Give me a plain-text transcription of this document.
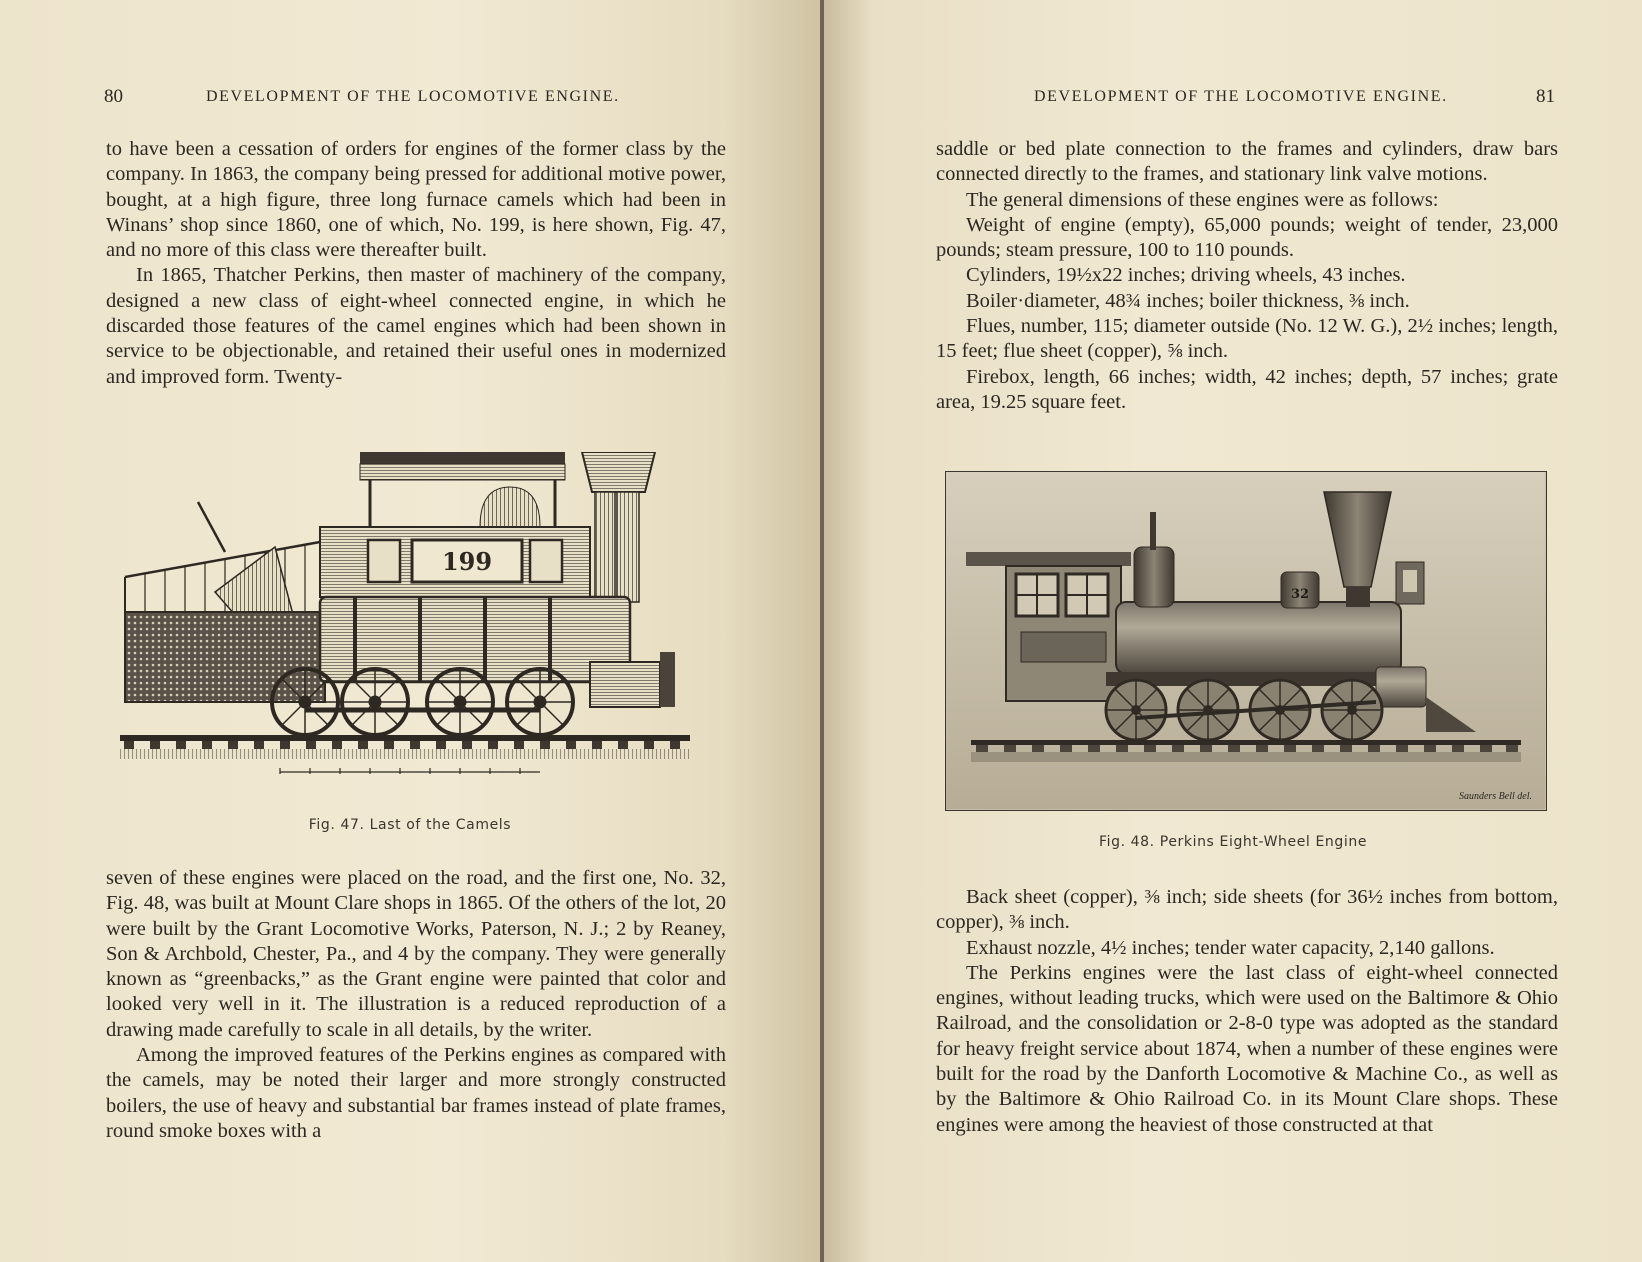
80	DEVELOPMENT OF THE LOCOMOTIVE ENGINE.

to have been a cessation of orders for engines of the former class by the company. In 1863, the company being pressed for additional motive power, bought, at a high figure, three long furnace camels which had been in Winans’ shop since 1860, one of which, No. 199, is here shown, Fig. 47, and no more of this class were thereafter built.

In 1865, Thatcher Perkins, then master of machinery of the company, designed a new class of eight-wheel connected engine, in which he discarded those features of the camel engines which had been shown in service to be objectionable, and retained their useful ones in modernized and improved form. Twenty-

199
Fig. 47. Last of the Camels

seven of these engines were placed on the road, and the first one, No. 32, Fig. 48, was built at Mount Clare shops in 1865. Of the others of the lot, 20 were built by the Grant Locomotive Works, Paterson, N. J.; 2 by Reaney, Son & Archbold, Chester, Pa., and 4 by the company. They were generally known as “greenbacks,” as the Grant engine were painted that color and looked very well in it. The illustration is a reduced reproduction of a drawing made carefully to scale in all details, by the writer.

Among the improved features of the Perkins engines as compared with the camels, may be noted their larger and more strongly constructed boilers, the use of heavy and substantial bar frames instead of plate frames, round smoke boxes with a

DEVELOPMENT OF THE LOCOMOTIVE ENGINE.	81

saddle or bed plate connection to the frames and cylinders, draw bars connected directly to the frames, and stationary link valve motions.

The general dimensions of these engines were as follows:

Weight of engine (empty), 65,000 pounds; weight of tender, 23,000 pounds; steam pressure, 100 to 110 pounds.

Cylinders, 19½x22 inches; driving wheels, 43 inches.

Boiler·diameter, 48¾ inches; boiler thickness, ⅜ inch.

Flues, number, 115; diameter outside (No. 12 W. G.), 2½ inches; length, 15 feet; flue sheet (copper), ⅝ inch.

Firebox, length, 66 inches; width, 42 inches; depth, 57 inches; grate area, 19.25 square feet.

Fig. 48. Perkins Eight-Wheel Engine

Back sheet (copper), ⅜ inch; side sheets (for 36½ inches from bottom, copper), ⅜ inch.

Exhaust nozzle, 4½ inches; tender water capacity, 2,140 gallons.

The Perkins engines were the last class of eight-wheel connected engines, without leading trucks, which were used on the Baltimore & Ohio Railroad, and the consolidation or 2-8-0 type was adopted as the standard for heavy freight service about 1874, when a number of these engines were built for the road by the Danforth Locomotive & Machine Co., as well as by the Baltimore & Ohio Railroad Co. in its Mount Clare shops. These engines were among the heaviest of those constructed at that

32
Saunders Bell del.
